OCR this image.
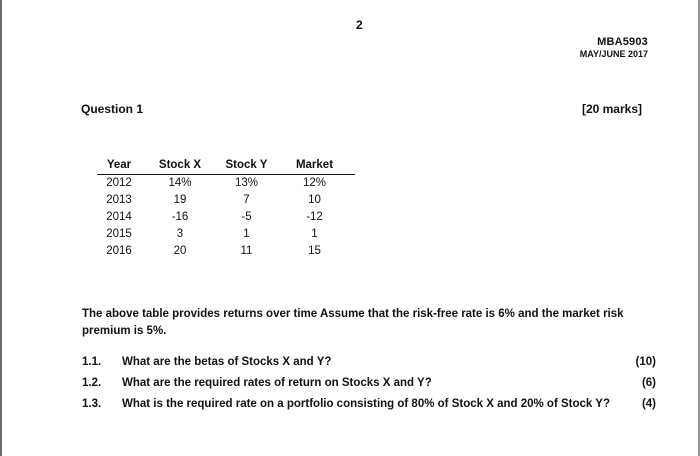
2
MBA5903
MAY/JUNE 2017
Question 1	[20 marks]
Year	Stock X	Stock Y	Market
2012	14%	13%	12%
2013	19	7	10
2014	-16	-5	-12
2015	3	1	1
2016	20	11	15
The above table provides returns over time Assume that the risk-free rate is 6% and the market risk premium is 5%.
1.1. What are the betas of Stocks X and Y?	(10)
1.2. What are the required rates of return on Stocks X and Y?	(6)
1.3. What is the required rate on a portfolio consisting of 80% of Stock X and 20% of Stock Y?	(4)
